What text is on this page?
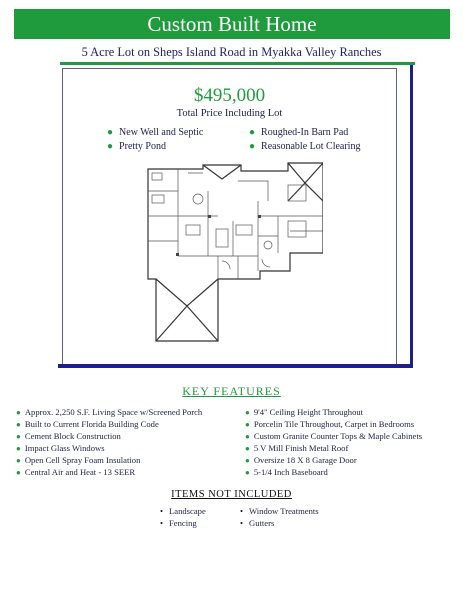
Custom Built Home
5 Acre Lot on Sheps Island Road in Myakka Valley Ranches
$495,000
Total Price Including Lot
● New Well and Septic
● Pretty Pond
● Roughed-In Barn Pad
● Reasonable Lot Clearing
KEY FEATURES
● Approx. 2,250 S.F. Living Space w/Screened Porch
● Built to Current Florida Building Code
● Cement Block Construction
● Impact Glass Windows
● Open Cell Spray Foam Insulation
● Central Air and Heat - 13 SEER
● 9'4" Ceiling Height Throughout
● Porcelin Tile Throughout, Carpet in Bedrooms
● Custom Granite Counter Tops & Maple Cabinets
● 5 V Mill Finish Metal Roof
● Oversize 18 X 8 Garage Door
● 5-1/4 Inch Baseboard
ITEMS NOT INCLUDED
• Landscape
• Fencing
• Window Treatments
• Gutters
